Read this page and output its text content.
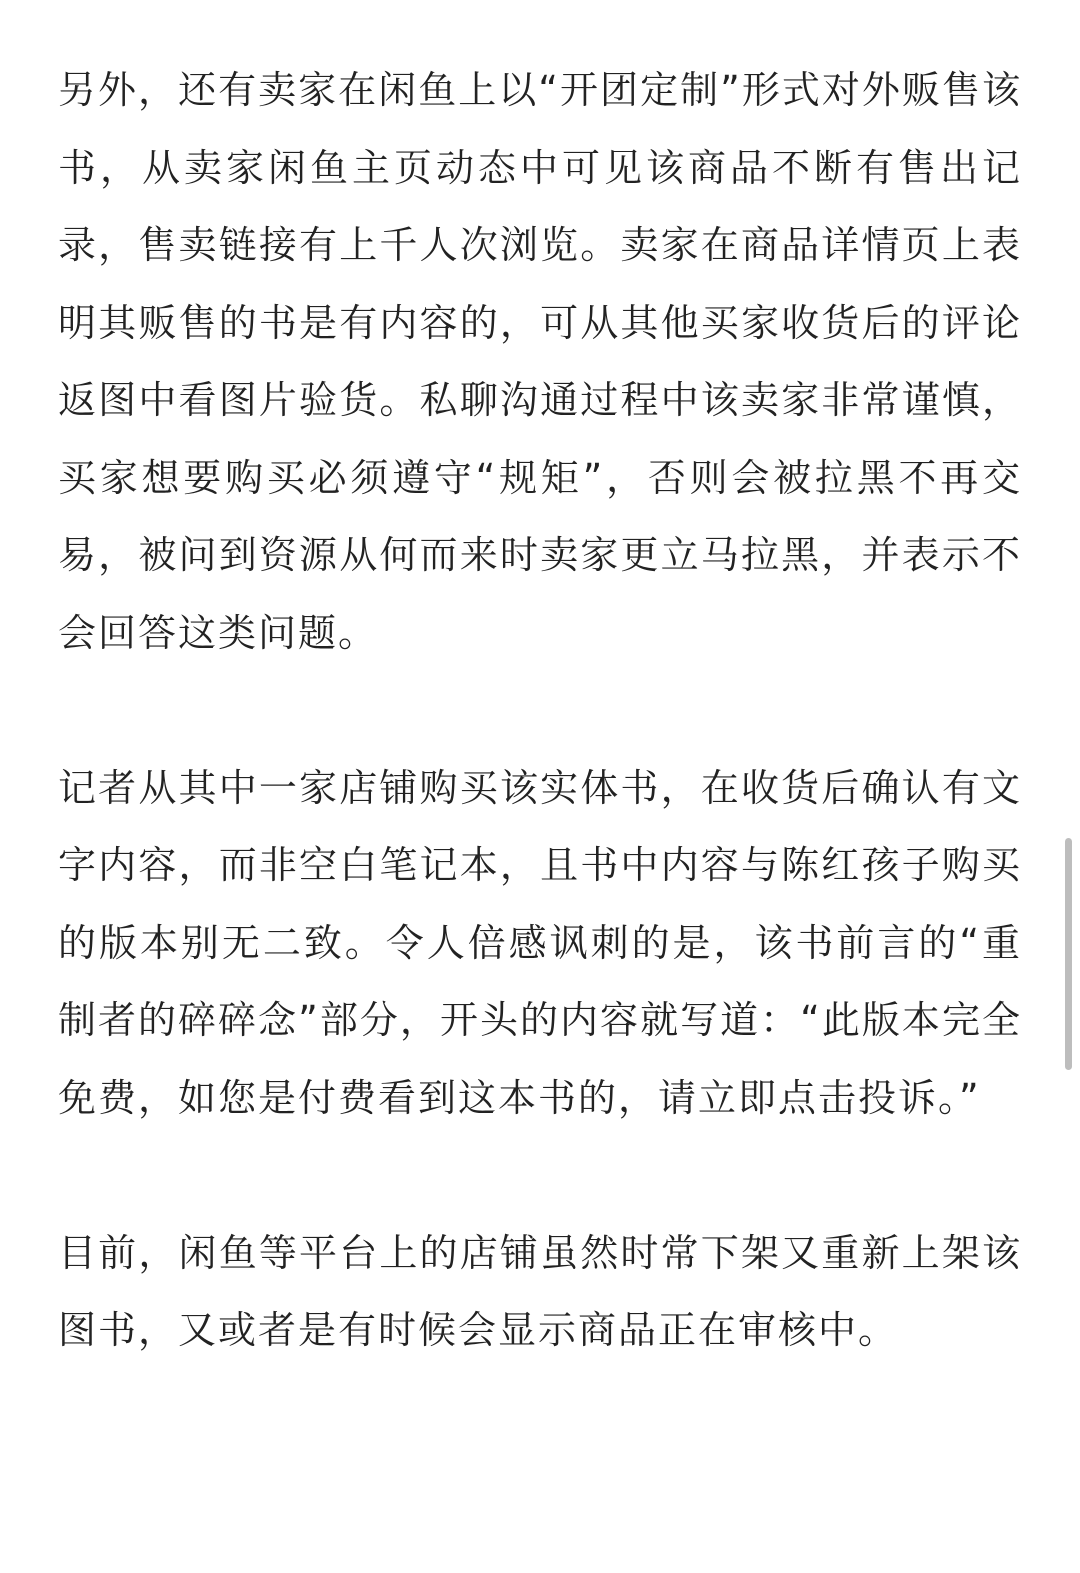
另外，还有卖家在闲鱼上以“开团定制”形式对外贩售该书，从卖家闲鱼主页动态中可见该商品不断有售出记录，售卖链接有上千人次浏览。卖家在商品详情页上表明其贩售的书是有内容的，可从其他买家收货后的评论返图中看图片验货。私聊沟通过程中该卖家非常谨慎，买家想要购买必须遵守“规矩”，否则会被拉黑不再交易，被问到资源从何而来时卖家更立马拉黑，并表示不会回答这类问题。

记者从其中一家店铺购买该实体书，在收货后确认有文字内容，而非空白笔记本，且书中内容与陈红孩子购买的版本别无二致。令人倍感讽刺的是，该书前言的“重制者的碎碎念”部分，开头的内容就写道：“此版本完全免费，如您是付费看到这本书的，请立即点击投诉。”

目前，闲鱼等平台上的店铺虽然时常下架又重新上架该图书，又或者是有时候会显示商品正在审核中。
